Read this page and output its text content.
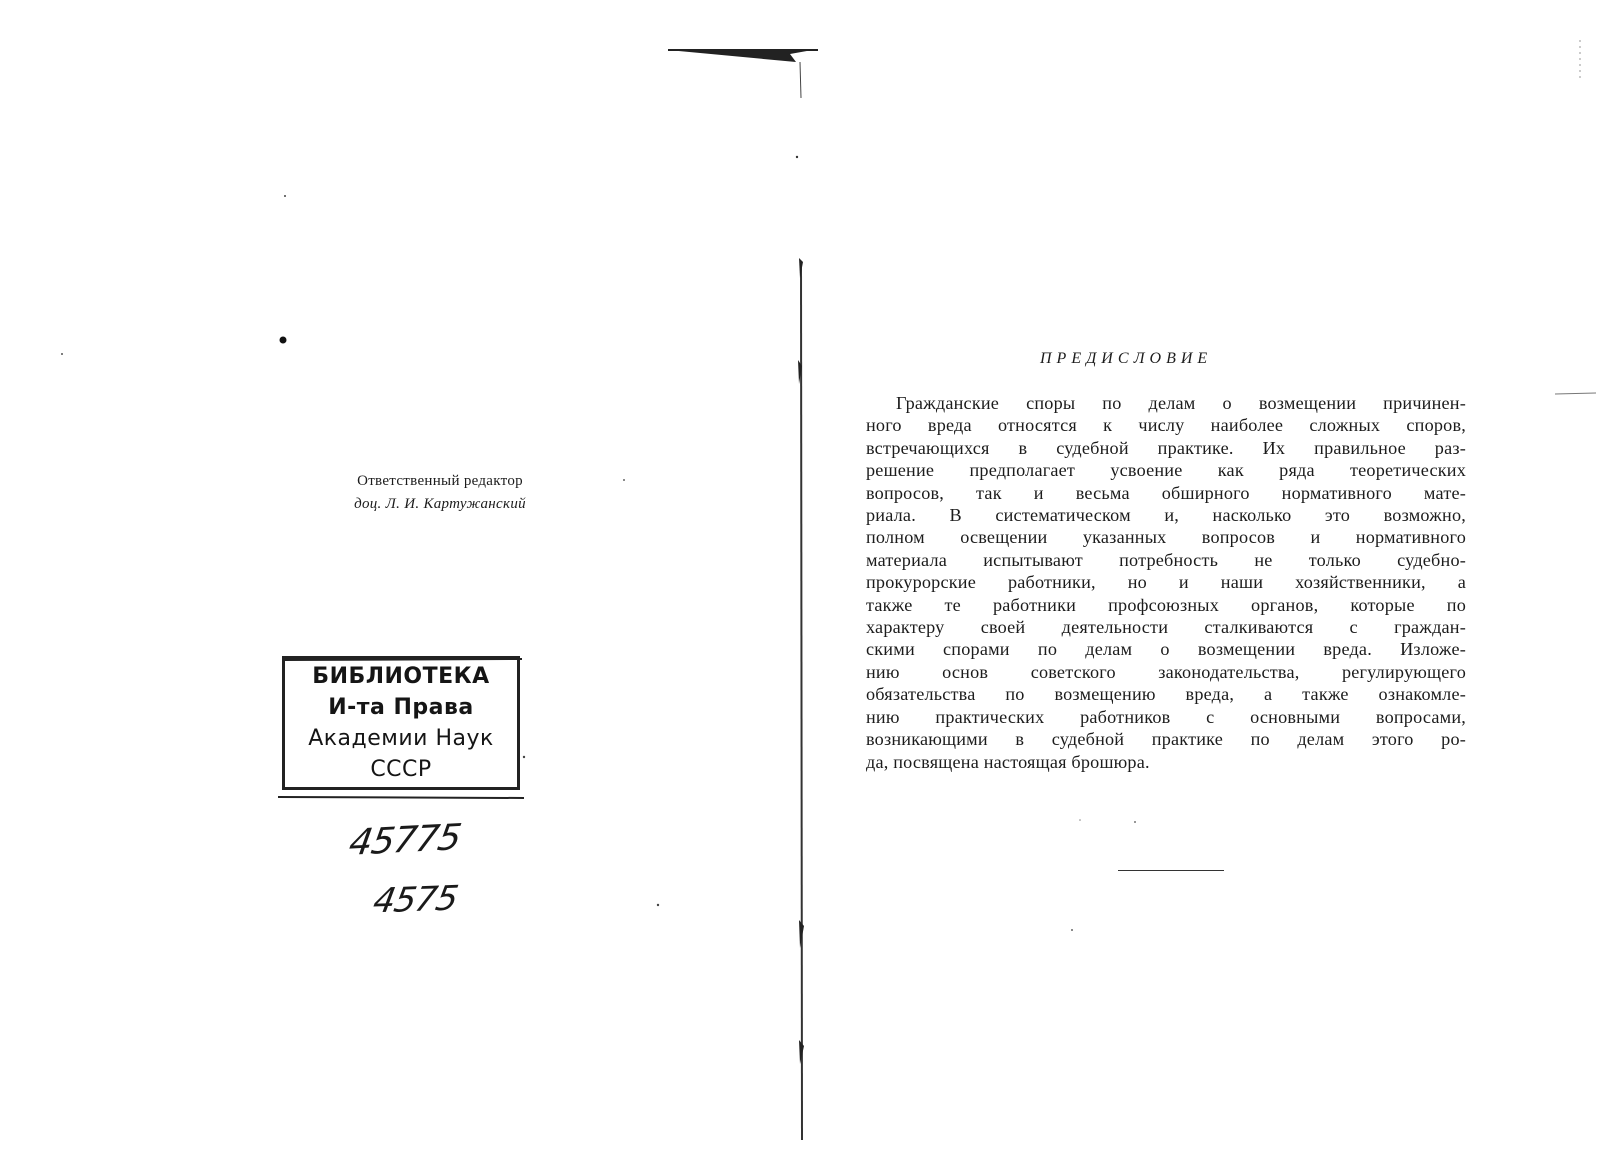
Ответственный редактор
доц. Л. И. Картужанский
БИБЛИОТЕКА
И-та Права
Академии Наук
СССР
45775
4575
ПРЕДИСЛОВИЕ
Гражданские споры по делам о возмещении причинен-
ного вреда относятся к числу наиболее сложных споров,
встречающихся в судебной практике. Их правильное раз-
решение предполагает усвоение как ряда теоретических
вопросов, так и весьма обширного нормативного мате-
риала. В систематическом и, насколько это возможно,
полном освещении указанных вопросов и нормативного
материала испытывают потребность не только судебно-
прокурорские работники, но и наши хозяйственники, а
также те работники профсоюзных органов, которые по
характеру своей деятельности сталкиваются с граждан-
скими спорами по делам о возмещении вреда. Изложе-
нию основ советского законодательства, регулирующего
обязательства по возмещению вреда, а также ознакомле-
нию практических работников с основными вопросами,
возникающими в судебной практике по делам этого ро-
да, посвящена настоящая брошюра.
